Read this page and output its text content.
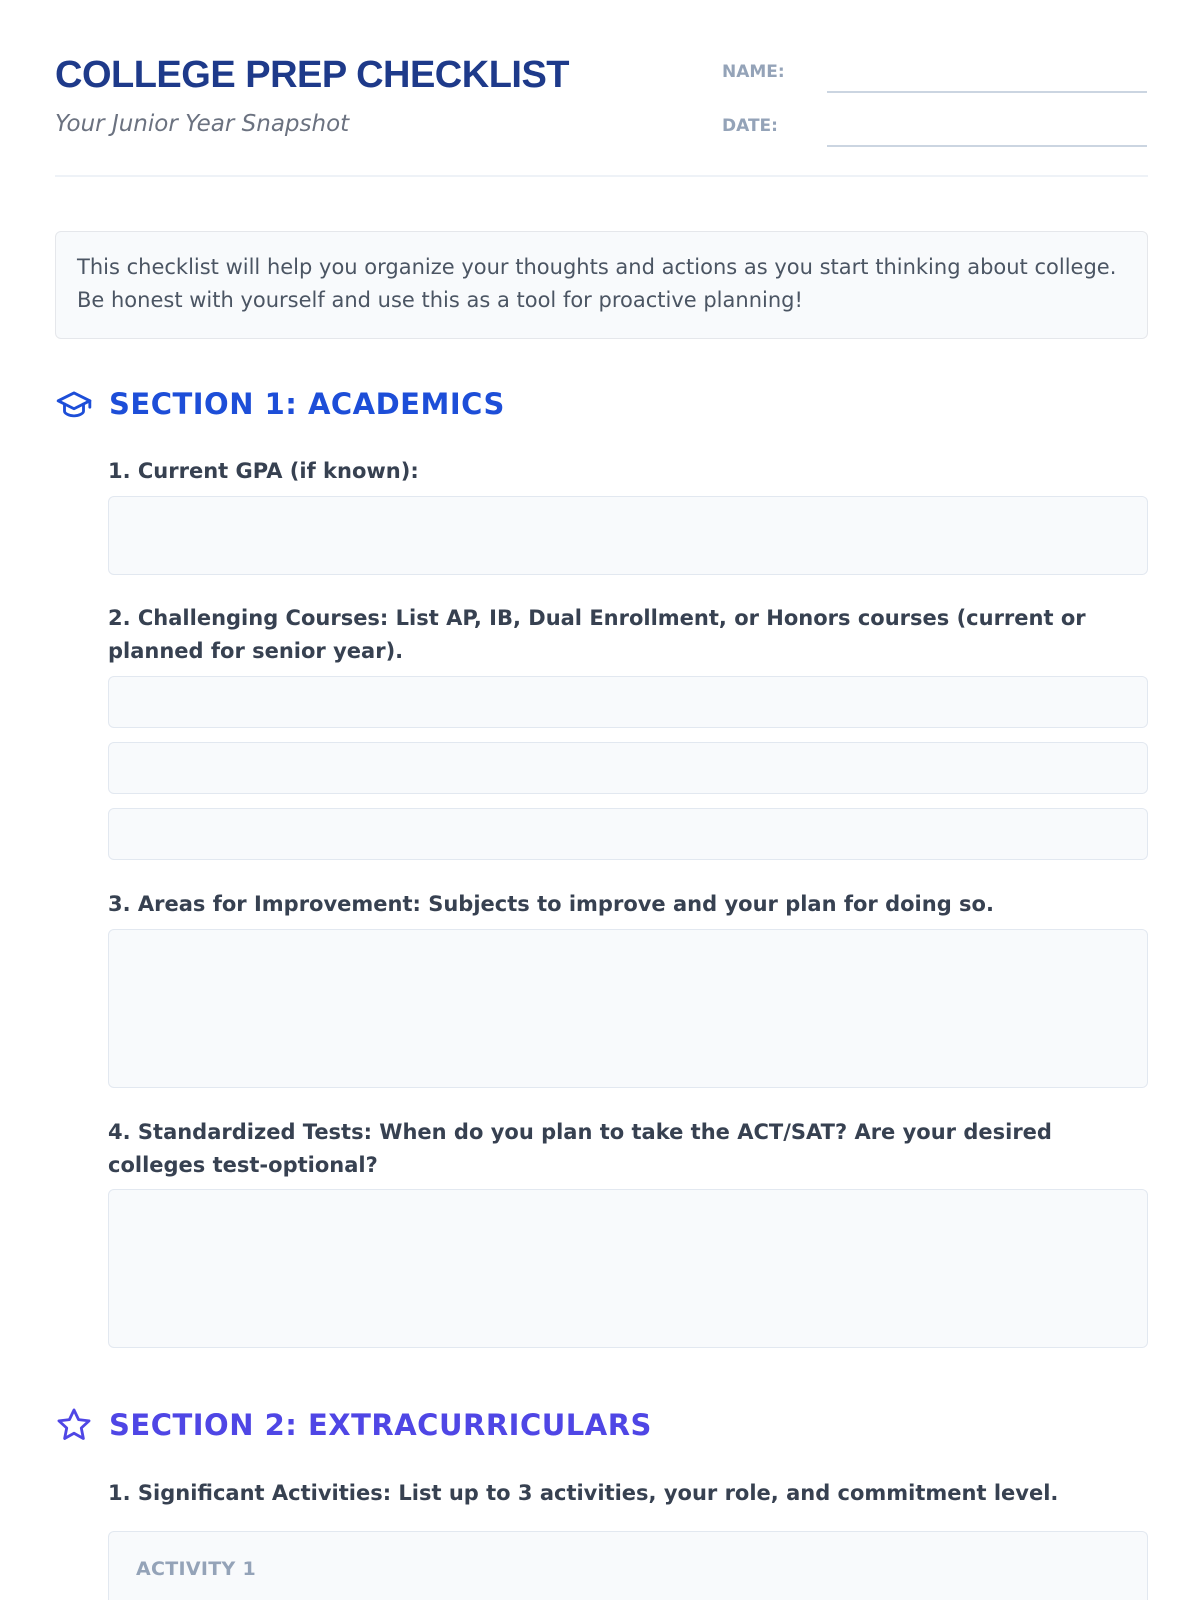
COLLEGE PREP CHECKLIST
Your Junior Year Snapshot
NAME:
DATE:
This checklist will help you organize your thoughts and actions as you start thinking about college. Be honest with yourself and use this as a tool for proactive planning!
SECTION 1: ACADEMICS
1. Current GPA (if known):
2. Challenging Courses: List AP, IB, Dual Enrollment, or Honors courses (current or planned for senior year).
3. Areas for Improvement: Subjects to improve and your plan for doing so.
4. Standardized Tests: When do you plan to take the ACT/SAT? Are your desired colleges test-optional?
SECTION 2: EXTRACURRICULARS
1. Significant Activities: List up to 3 activities, your role, and commitment level.
ACTIVITY 1
